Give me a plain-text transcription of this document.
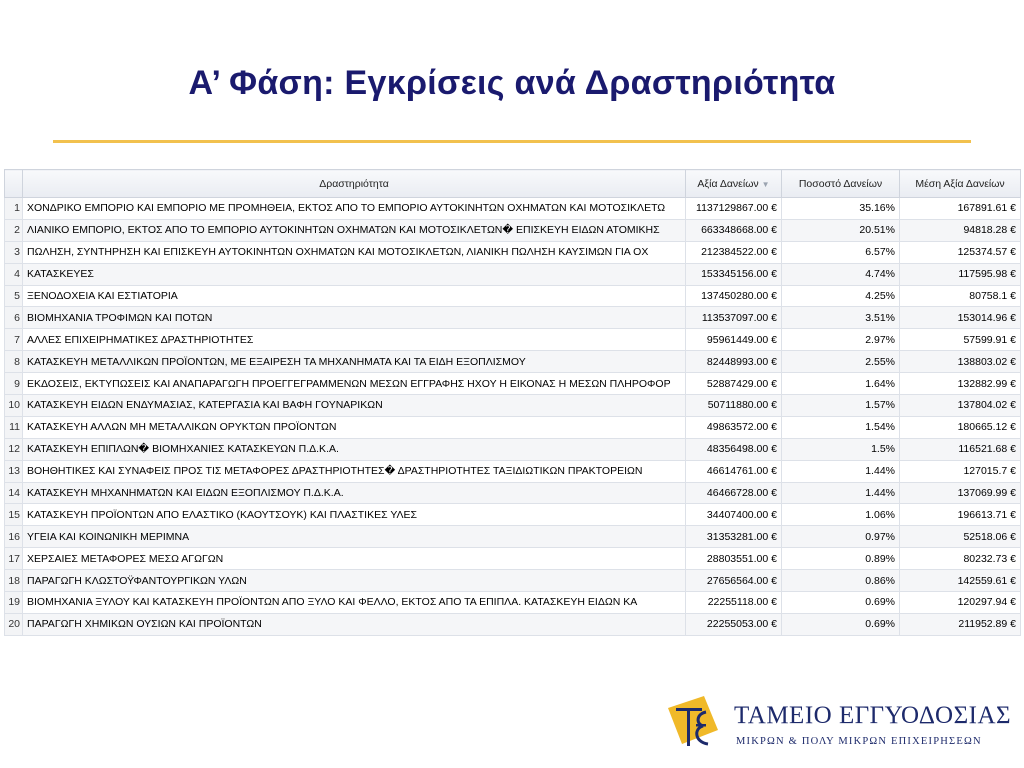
Α’ Φάση: Εγκρίσεις ανά Δραστηριότητα
	Δραστηριότητα	Αξία Δανείων ▼	Ποσοστό Δανείων	Μέση Αξία Δανείων
1	ΧΟΝΔΡΙΚΟ ΕΜΠΟΡΙΟ ΚΑΙ ΕΜΠΟΡΙΟ ΜΕ ΠΡΟΜΗΘΕΙΑ, ΕΚΤΟΣ ΑΠΟ ΤΟ ΕΜΠΟΡΙΟ ΑΥΤΟΚΙΝΗΤΩΝ ΟΧΗΜΑΤΩΝ ΚΑΙ ΜΟΤΟΣΙΚΛΕΤΩ	1137129867.00 €	35.16%	167891.61 €
2	ΛΙΑΝΙΚΟ ΕΜΠΟΡΙΟ, ΕΚΤΟΣ ΑΠΟ ΤΟ ΕΜΠΟΡΙΟ ΑΥΤΟΚΙΝΗΤΩΝ ΟΧΗΜΑΤΩΝ ΚΑΙ ΜΟΤΟΣΙΚΛΕΤΩΝ� ΕΠΙΣΚΕΥΗ ΕΙΔΩΝ ΑΤΟΜΙΚΗΣ	663348668.00 €	20.51%	94818.28 €
3	ΠΩΛΗΣΗ, ΣΥΝΤΗΡΗΣΗ ΚΑΙ ΕΠΙΣΚΕΥΗ ΑΥΤΟΚΙΝΗΤΩΝ ΟΧΗΜΑΤΩΝ ΚΑΙ ΜΟΤΟΣΙΚΛΕΤΩΝ, ΛΙΑΝΙΚΗ ΠΩΛΗΣΗ ΚΑΥΣΙΜΩΝ ΓΙΑ ΟΧ	212384522.00 €	6.57%	125374.57 €
4	ΚΑΤΑΣΚΕΥΕΣ	153345156.00 €	4.74%	117595.98 €
5	ΞΕΝΟΔΟΧΕΙΑ ΚΑΙ ΕΣΤΙΑΤΟΡΙΑ	137450280.00 €	4.25%	80758.1 €
6	ΒΙΟΜΗΧΑΝΙΑ ΤΡΟΦΙΜΩΝ ΚΑΙ ΠΟΤΩΝ	113537097.00 €	3.51%	153014.96 €
7	ΑΛΛΕΣ ΕΠΙΧΕΙΡΗΜΑΤΙΚΕΣ ΔΡΑΣΤΗΡΙΟΤΗΤΕΣ	95961449.00 €	2.97%	57599.91 €
8	ΚΑΤΑΣΚΕΥΗ ΜΕΤΑΛΛΙΚΩΝ ΠΡΟΪΟΝΤΩΝ, ΜΕ ΕΞΑΙΡΕΣΗ ΤΑ ΜΗΧΑΝΗΜΑΤΑ ΚΑΙ ΤΑ ΕΙΔΗ ΕΞΟΠΛΙΣΜΟΥ	82448993.00 €	2.55%	138803.02 €
9	ΕΚΔΟΣΕΙΣ, ΕΚΤΥΠΩΣΕΙΣ ΚΑΙ ΑΝΑΠΑΡΑΓΩΓΗ ΠΡΟΕΓΓΕΓΡΑΜΜΕΝΩΝ ΜΕΣΩΝ ΕΓΓΡΑΦΗΣ ΗΧΟΥ Η ΕΙΚΟΝΑΣ Η ΜΕΣΩΝ ΠΛΗΡΟΦΟΡ	52887429.00 €	1.64%	132882.99 €
10	ΚΑΤΑΣΚΕΥΗ ΕΙΔΩΝ ΕΝΔΥΜΑΣΙΑΣ, ΚΑΤΕΡΓΑΣΙΑ ΚΑΙ ΒΑΦΗ ΓΟΥΝΑΡΙΚΩΝ	50711880.00 €	1.57%	137804.02 €
11	ΚΑΤΑΣΚΕΥΗ ΑΛΛΩΝ ΜΗ ΜΕΤΑΛΛΙΚΩΝ ΟΡΥΚΤΩΝ ΠΡΟΪΟΝΤΩΝ	49863572.00 €	1.54%	180665.12 €
12	ΚΑΤΑΣΚΕΥΗ ΕΠΙΠΛΩΝ� ΒΙΟΜΗΧΑΝΙΕΣ ΚΑΤΑΣΚΕΥΩΝ Π.Δ.Κ.Α.	48356498.00 €	1.5%	116521.68 €
13	ΒΟΗΘΗΤΙΚΕΣ ΚΑΙ ΣΥΝΑΦΕΙΣ ΠΡΟΣ ΤΙΣ ΜΕΤΑΦΟΡΕΣ ΔΡΑΣΤΗΡΙΟΤΗΤΕΣ� ΔΡΑΣΤΗΡΙΟΤΗΤΕΣ ΤΑΞΙΔΙΩΤΙΚΩΝ ΠΡΑΚΤΟΡΕΙΩΝ	46614761.00 €	1.44%	127015.7 €
14	ΚΑΤΑΣΚΕΥΗ ΜΗΧΑΝΗΜΑΤΩΝ ΚΑΙ ΕΙΔΩΝ ΕΞΟΠΛΙΣΜΟΥ Π.Δ.Κ.Α.	46466728.00 €	1.44%	137069.99 €
15	ΚΑΤΑΣΚΕΥΗ ΠΡΟΪΟΝΤΩΝ ΑΠΟ ΕΛΑΣΤΙΚΟ (ΚΑΟΥΤΣΟΥΚ) ΚΑΙ ΠΛΑΣΤΙΚΕΣ ΥΛΕΣ	34407400.00 €	1.06%	196613.71 €
16	ΥΓΕΙΑ ΚΑΙ ΚΟΙΝΩΝΙΚΗ ΜΕΡΙΜΝΑ	31353281.00 €	0.97%	52518.06 €
17	ΧΕΡΣΑΙΕΣ ΜΕΤΑΦΟΡΕΣ ΜΕΣΩ ΑΓΩΓΩΝ	28803551.00 €	0.89%	80232.73 €
18	ΠΑΡΑΓΩΓΗ ΚΛΩΣΤΟΫΦΑΝΤΟΥΡΓΙΚΩΝ ΥΛΩΝ	27656564.00 €	0.86%	142559.61 €
19	ΒΙΟΜΗΧΑΝΙΑ ΞΥΛΟΥ ΚΑΙ ΚΑΤΑΣΚΕΥΗ ΠΡΟΪΟΝΤΩΝ ΑΠΟ ΞΥΛΟ ΚΑΙ ΦΕΛΛΟ, ΕΚΤΟΣ ΑΠΟ ΤΑ ΕΠΙΠΛΑ. ΚΑΤΑΣΚΕΥΗ ΕΙΔΩΝ ΚΑ	22255118.00 €	0.69%	120297.94 €
20	ΠΑΡΑΓΩΓΗ ΧΗΜΙΚΩΝ ΟΥΣΙΩΝ ΚΑΙ ΠΡΟΪΟΝΤΩΝ	22255053.00 €	0.69%	211952.89 €
ΤΑΜΕΙΟ ΕΓΓΥΟΔΟΣΙΑΣ
ΜΙΚΡΩΝ & ΠΟΛΥ ΜΙΚΡΩΝ ΕΠΙΧΕΙΡΗΣΕΩΝ
